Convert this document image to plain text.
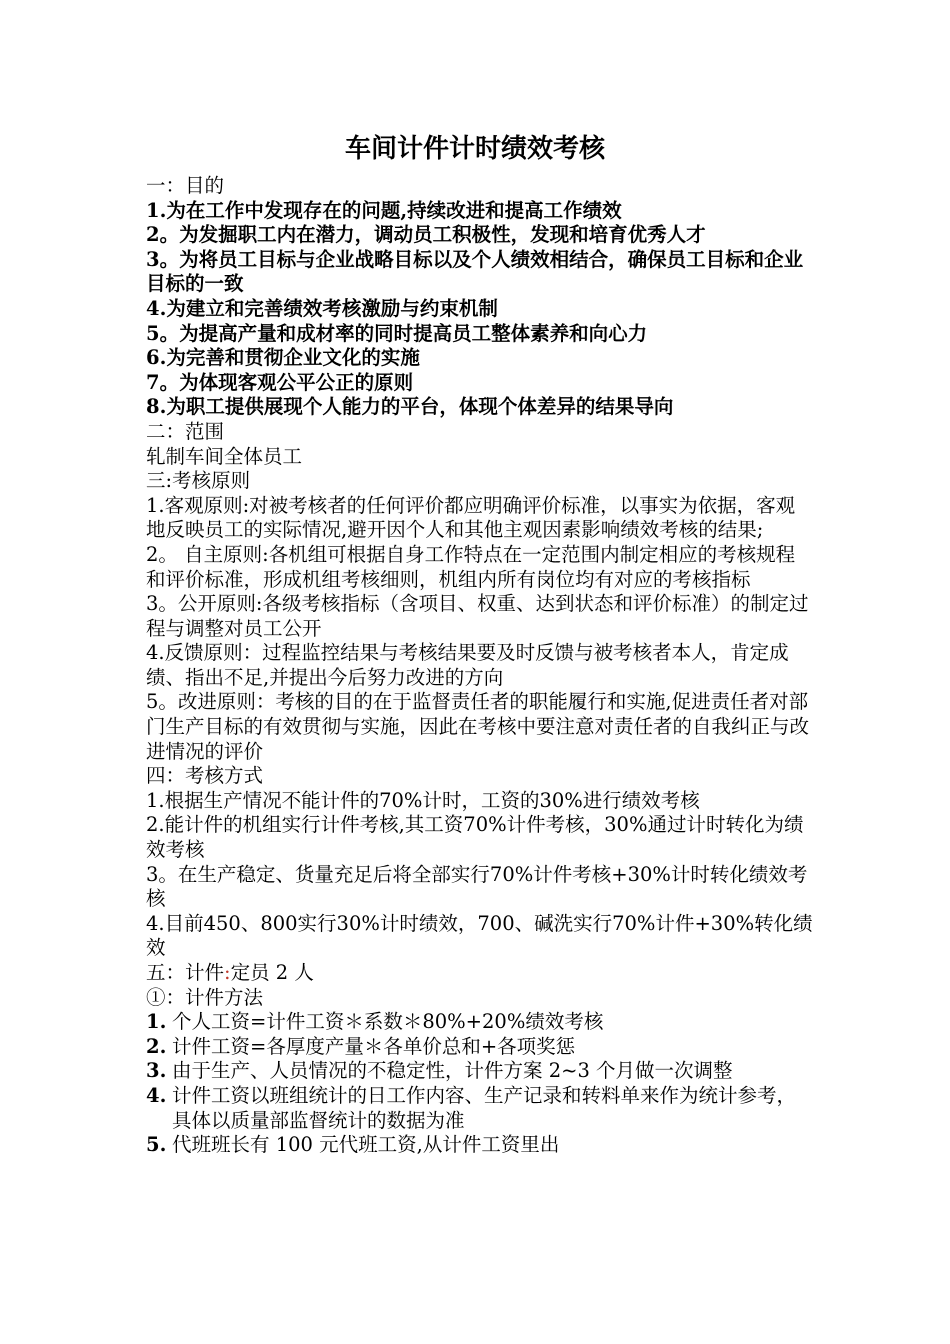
车间计件计时绩效考核

一：目的

1.为在工作中发现存在的问题,持续改进和提高工作绩效

2。为发掘职工内在潜力，调动员工积极性，发现和培育优秀人才

3。为将员工目标与企业战略目标以及个人绩效相结合，确保员工目标和企业目标的一致

4.为建立和完善绩效考核激励与约束机制

5。为提高产量和成材率的同时提高员工整体素养和向心力

6.为完善和贯彻企业文化的实施

7。为体现客观公平公正的原则

8.为职工提供展现个人能力的平台，体现个体差异的结果导向

二：范围

轧制车间全体员工

三:考核原则

1.客观原则:对被考核者的任何评价都应明确评价标准，以事实为依据，客观地反映员工的实际情况,避开因个人和其他主观因素影响绩效考核的结果;

2。 自主原则:各机组可根据自身工作特点在一定范围内制定相应的考核规程和评价标准，形成机组考核细则，机组内所有岗位均有对应的考核指标

3。公开原则:各级考核指标（含项目、权重、达到状态和评价标准）的制定过程与调整对员工公开

4.反馈原则：过程监控结果与考核结果要及时反馈与被考核者本人，肯定成绩、指出不足,并提出今后努力改进的方向

5。改进原则：考核的目的在于监督责任者的职能履行和实施,促进责任者对部门生产目标的有效贯彻与实施，因此在考核中要注意对责任者的自我纠正与改进情况的评价

四：考核方式

1.根据生产情况不能计件的70%计时，工资的30%进行绩效考核

2.能计件的机组实行计件考核,其工资70%计件考核，30%通过计时转化为绩效考核

3。在生产稳定、货量充足后将全部实行70%计件考核+30%计时转化绩效考核

4.目前450、800实行30%计时绩效，700、碱洗实行70%计件+30%转化绩效

五：计件:定员 2 人

①：计件方法

1. 个人工资=计件工资＊系数＊80%+20%绩效考核
2. 计件工资=各厚度产量＊各单价总和+各项奖惩
3. 由于生产、人员情况的不稳定性，计件方案 2~3 个月做一次调整
4. 计件工资以班组统计的日工作内容、生产记录和转料单来作为统计参考，具体以质量部监督统计的数据为准
5. 代班班长有 100 元代班工资,从计件工资里出
